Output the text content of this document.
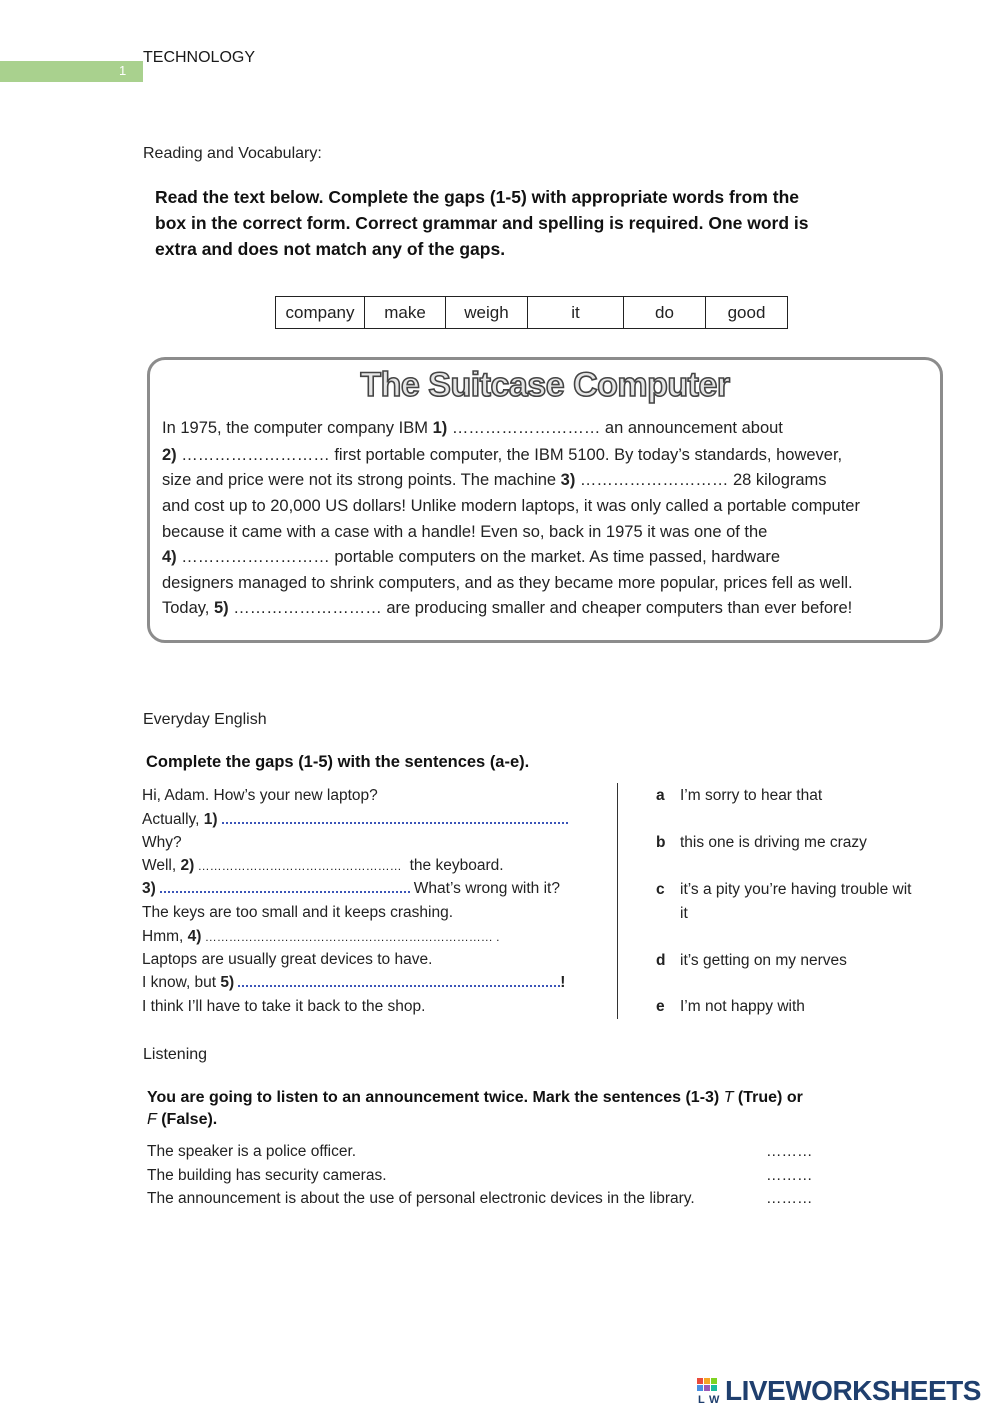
1
TECHNOLOGY
Reading and Vocabulary:
Read the text below. Complete the gaps (1-5) with appropriate words from the
box in the correct form. Correct grammar and spelling is required. One word is
extra and does not match any of the gaps.
company	make	weigh	it	do	good
The Suitcase Computer
In 1975, the computer company IBM 1) ……………………… an announcement about
2) ……………………… first portable computer, the IBM 5100. By today’s standards, however,
size and price were not its strong points. The machine 3) ……………………… 28 kilograms
and cost up to 20,000 US dollars! Unlike modern laptops, it was only called a portable computer
because it came with a case with a handle! Even so, back in 1975 it was one of the
4) ……………………… portable computers on the market. As time passed, hardware
designers managed to shrink computers, and as they became more popular, prices fell as well.
Today, 5) ……………………… are producing smaller and cheaper computers than ever before!
Everyday English
Complete the gaps (1-5) with the sentences (a-e).
Hi, Adam. How’s your new laptop?
Actually, 1)
Why?
Well, 2) …………………………………………… the keyboard.
3)	What’s wrong with it?
The keys are too small and it keeps crashing.
Hmm, 4) ……………………………………………………………… .
Laptops are usually great devices to have.
I know, but 5)	!
I think I’ll have to take it back to the shop.
a I’m sorry to hear that
b this one is driving me crazy
c it’s a pity you’re having trouble wit
it
d it’s getting on my nerves
e I’m not happy with
Listening
You are going to listen to an announcement twice. Mark the sentences (1-3) T (True) or
F (False).
The speaker is a police officer.	………
The building has security cameras.	………
The announcement is about the use of personal electronic devices in the library.	………
L W LIVEWORKSHEETS
